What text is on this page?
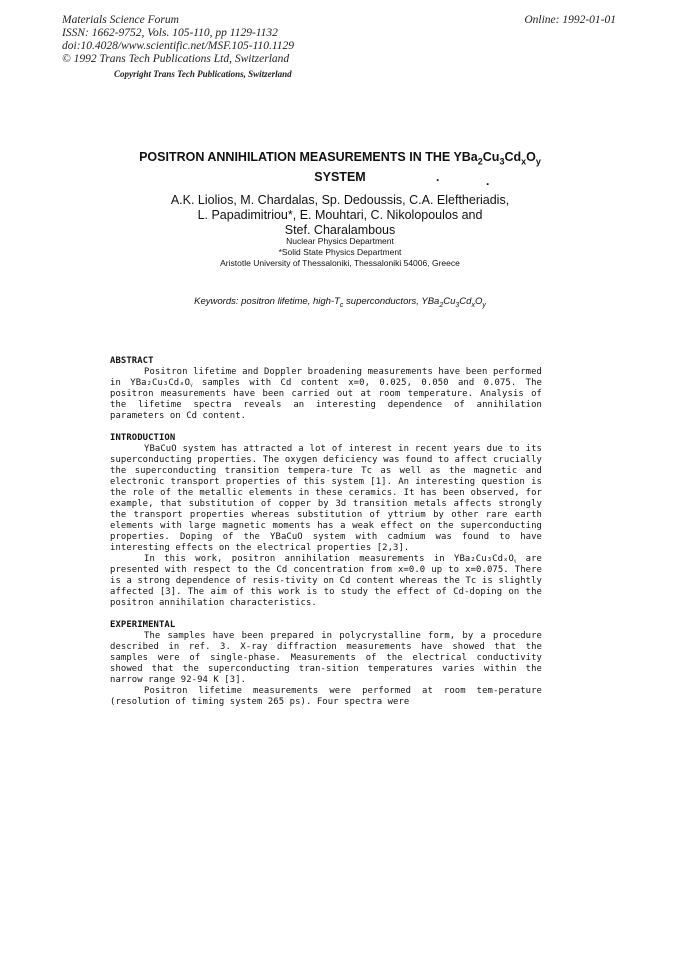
Materials Science Forum
ISSN: 1662-9752, Vols. 105-110, pp 1129-1132
doi:10.4028/www.scientific.net/MSF.105-110.1129
© 1992 Trans Tech Publications Ltd, Switzerland
Copyright Trans Tech Publications, Switzerland
Online: 1992-01-01
POSITRON ANNIHILATION MEASUREMENTS IN THE $YBa_2Cu_3Cd_xO_y$
SYSTEM	.	.
A.K. Liolios, M. Chardalas, Sp. Dedoussis, C.A. Eleftheriadis,
L. Papadimitriou*, E. Mouhtari, C. Nikolopoulos and
Stef. Charalambous
Nuclear Physics Department
*Solid State Physics Department
Aristotle University of Thessaloniki, Thessaloniki 54006, Greece
Keywords: positron lifetime, high-$T_c$ superconductors, $YBa_2Cu_3Cd_xO_y$

ABSTRACT

Positron lifetime and Doppler broadening measurements have been performed in YBa₂Cu₃CdₓOᵧ samples with Cd content x=0, 0.025, 0.050 and 0.075. The positron measurements have been carried out at room temperature. Analysis of the lifetime spectra reveals an interesting dependence of annihilation parameters on Cd content.

INTRODUCTION

YBaCuO system has attracted a lot of interest in recent years due to its superconducting properties. The oxygen deficiency was found to affect crucially the superconducting transition tempera-ture Tc as well as the magnetic and electronic transport properties of this system [1]. An interesting question is the role of the metallic elements in these ceramics. It has been observed, for example, that substitution of copper by 3d transition metals affects strongly the transport properties whereas substitution of yttrium by other rare earth elements with large magnetic moments has a weak effect on the superconducting properties. Doping of the YBaCuO system with cadmium was found to have interesting effects on the electrical properties [2,3].

In this work, positron annihilation measurements in YBa₂Cu₃CdₓOᵧ are presented with respect to the Cd concentration from x=0.0 up to x=0.075. There is a strong dependence of resis-tivity on Cd content whereas the Tc is slightly affected [3]. The aim of this work is to study the effect of Cd-doping on the positron annihilation characteristics.

EXPERIMENTAL

The samples have been prepared in polycrystalline form, by a procedure described in ref. 3. X-ray diffraction measurements have showed that the samples were of single-phase. Measurements of the electrical conductivity showed that the superconducting tran-sition temperatures varies within the narrow range 92-94 K [3].

Positron lifetime measurements were performed at room tem-perature (resolution of timing system 265 ps). Four spectra were
